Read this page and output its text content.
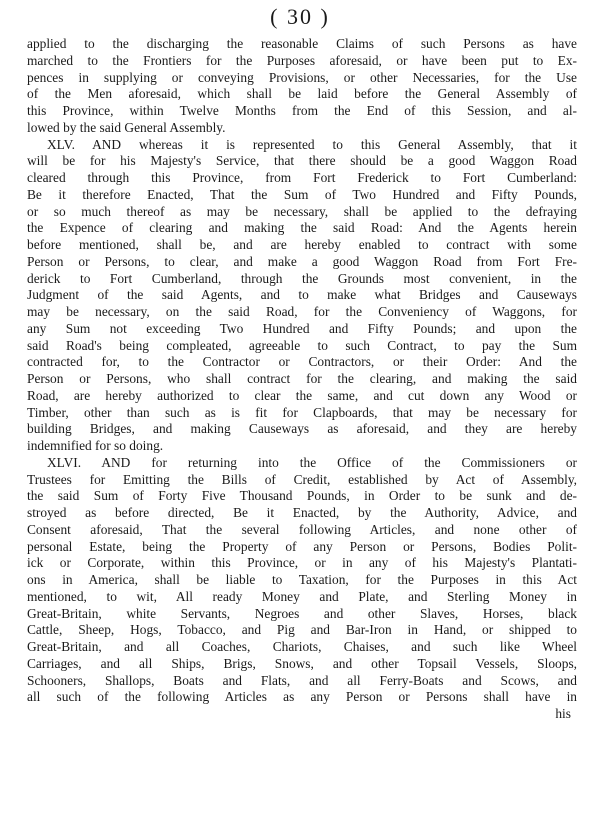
( 30 )
applied to the discharging the reasonable Claims of such Persons as have
marched to the Frontiers for the Purposes aforesaid, or have been put to Ex-
pences in supplying or conveying Provisions, or other Necessaries, for the Use
of the Men aforesaid, which shall be laid before the General Assembly of
this Province, within Twelve Months from the End of this Session, and al-
lowed by the said General Assembly.
XLV. AND whereas it is represented to this General Assembly, that it
will be for his Majesty's Service, that there should be a good Waggon Road
cleared through this Province, from Fort Frederick to Fort Cumberland:
Be it therefore Enacted, That the Sum of Two Hundred and Fifty Pounds,
or so much thereof as may be necessary, shall be applied to the defraying
the Expence of clearing and making the said Road: And the Agents herein
before mentioned, shall be, and are hereby enabled to contract with some
Person or Persons, to clear, and make a good Waggon Road from Fort Fre-
derick to Fort Cumberland, through the Grounds most convenient, in the
Judgment of the said Agents, and to make what Bridges and Causeways
may be necessary, on the said Road, for the Conveniency of Waggons, for
any Sum not exceeding Two Hundred and Fifty Pounds; and upon the
said Road's being compleated, agreeable to such Contract, to pay the Sum
contracted for, to the Contractor or Contractors, or their Order: And the
Person or Persons, who shall contract for the clearing, and making the said
Road, are hereby authorized to clear the same, and cut down any Wood or
Timber, other than such as is fit for Clapboards, that may be necessary for
building Bridges, and making Causeways as aforesaid, and they are hereby
indemnified for so doing.
XLVI. AND for returning into the Office of the Commissioners or
Trustees for Emitting the Bills of Credit, established by Act of Assembly,
the said Sum of Forty Five Thousand Pounds, in Order to be sunk and de-
stroyed as before directed, Be it Enacted, by the Authority, Advice, and
Consent aforesaid, That the several following Articles, and none other of
personal Estate, being the Property of any Person or Persons, Bodies Polit-
ick or Corporate, within this Province, or in any of his Majesty's Plantati-
ons in America, shall be liable to Taxation, for the Purposes in this Act
mentioned, to wit, All ready Money and Plate, and Sterling Money in
Great-Britain, white Servants, Negroes and other Slaves, Horses, black
Cattle, Sheep, Hogs, Tobacco, and Pig and Bar-Iron in Hand, or shipped to
Great-Britain, and all Coaches, Chariots, Chaises, and such like Wheel
Carriages, and all Ships, Brigs, Snows, and other Topsail Vessels, Sloops,
Schooners, Shallops, Boats and Flats, and all Ferry-Boats and Scows, and
all such of the following Articles as any Person or Persons shall have in
his
